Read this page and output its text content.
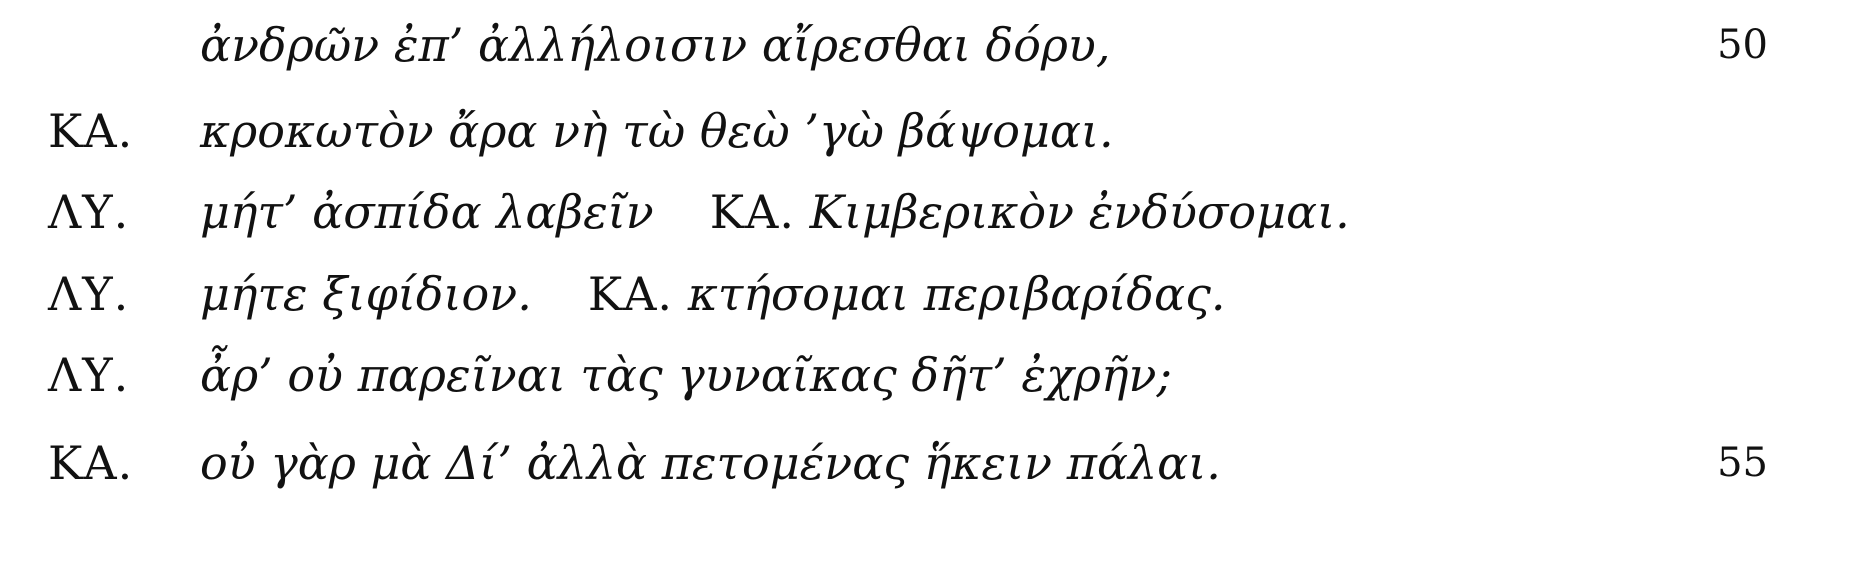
ἀνδρῶν ἐπ’ ἀλλήλοισιν αἴρεσθαι δόρυ,	50
ΚΑ. κροκωτὸν ἄρα νὴ τὼ θεὼ ’γὼ βάψομαι.
ΛΥ. μήτ’ ἀσπίδα λαβεῖν ΚΑ. Κιμβερικὸν ἐνδύσομαι.
ΛΥ. μήτε ξιφίδιον. ΚΑ. κτήσομαι περιβαρίδας.
ΛΥ. ἆρ’ οὐ παρεῖναι τὰς γυναῖκας δῆτ’ ἐχρῆν;
ΚΑ. οὐ γὰρ μὰ Δί’ ἀλλὰ πετομένας ἥκειν πάλαι.	55
